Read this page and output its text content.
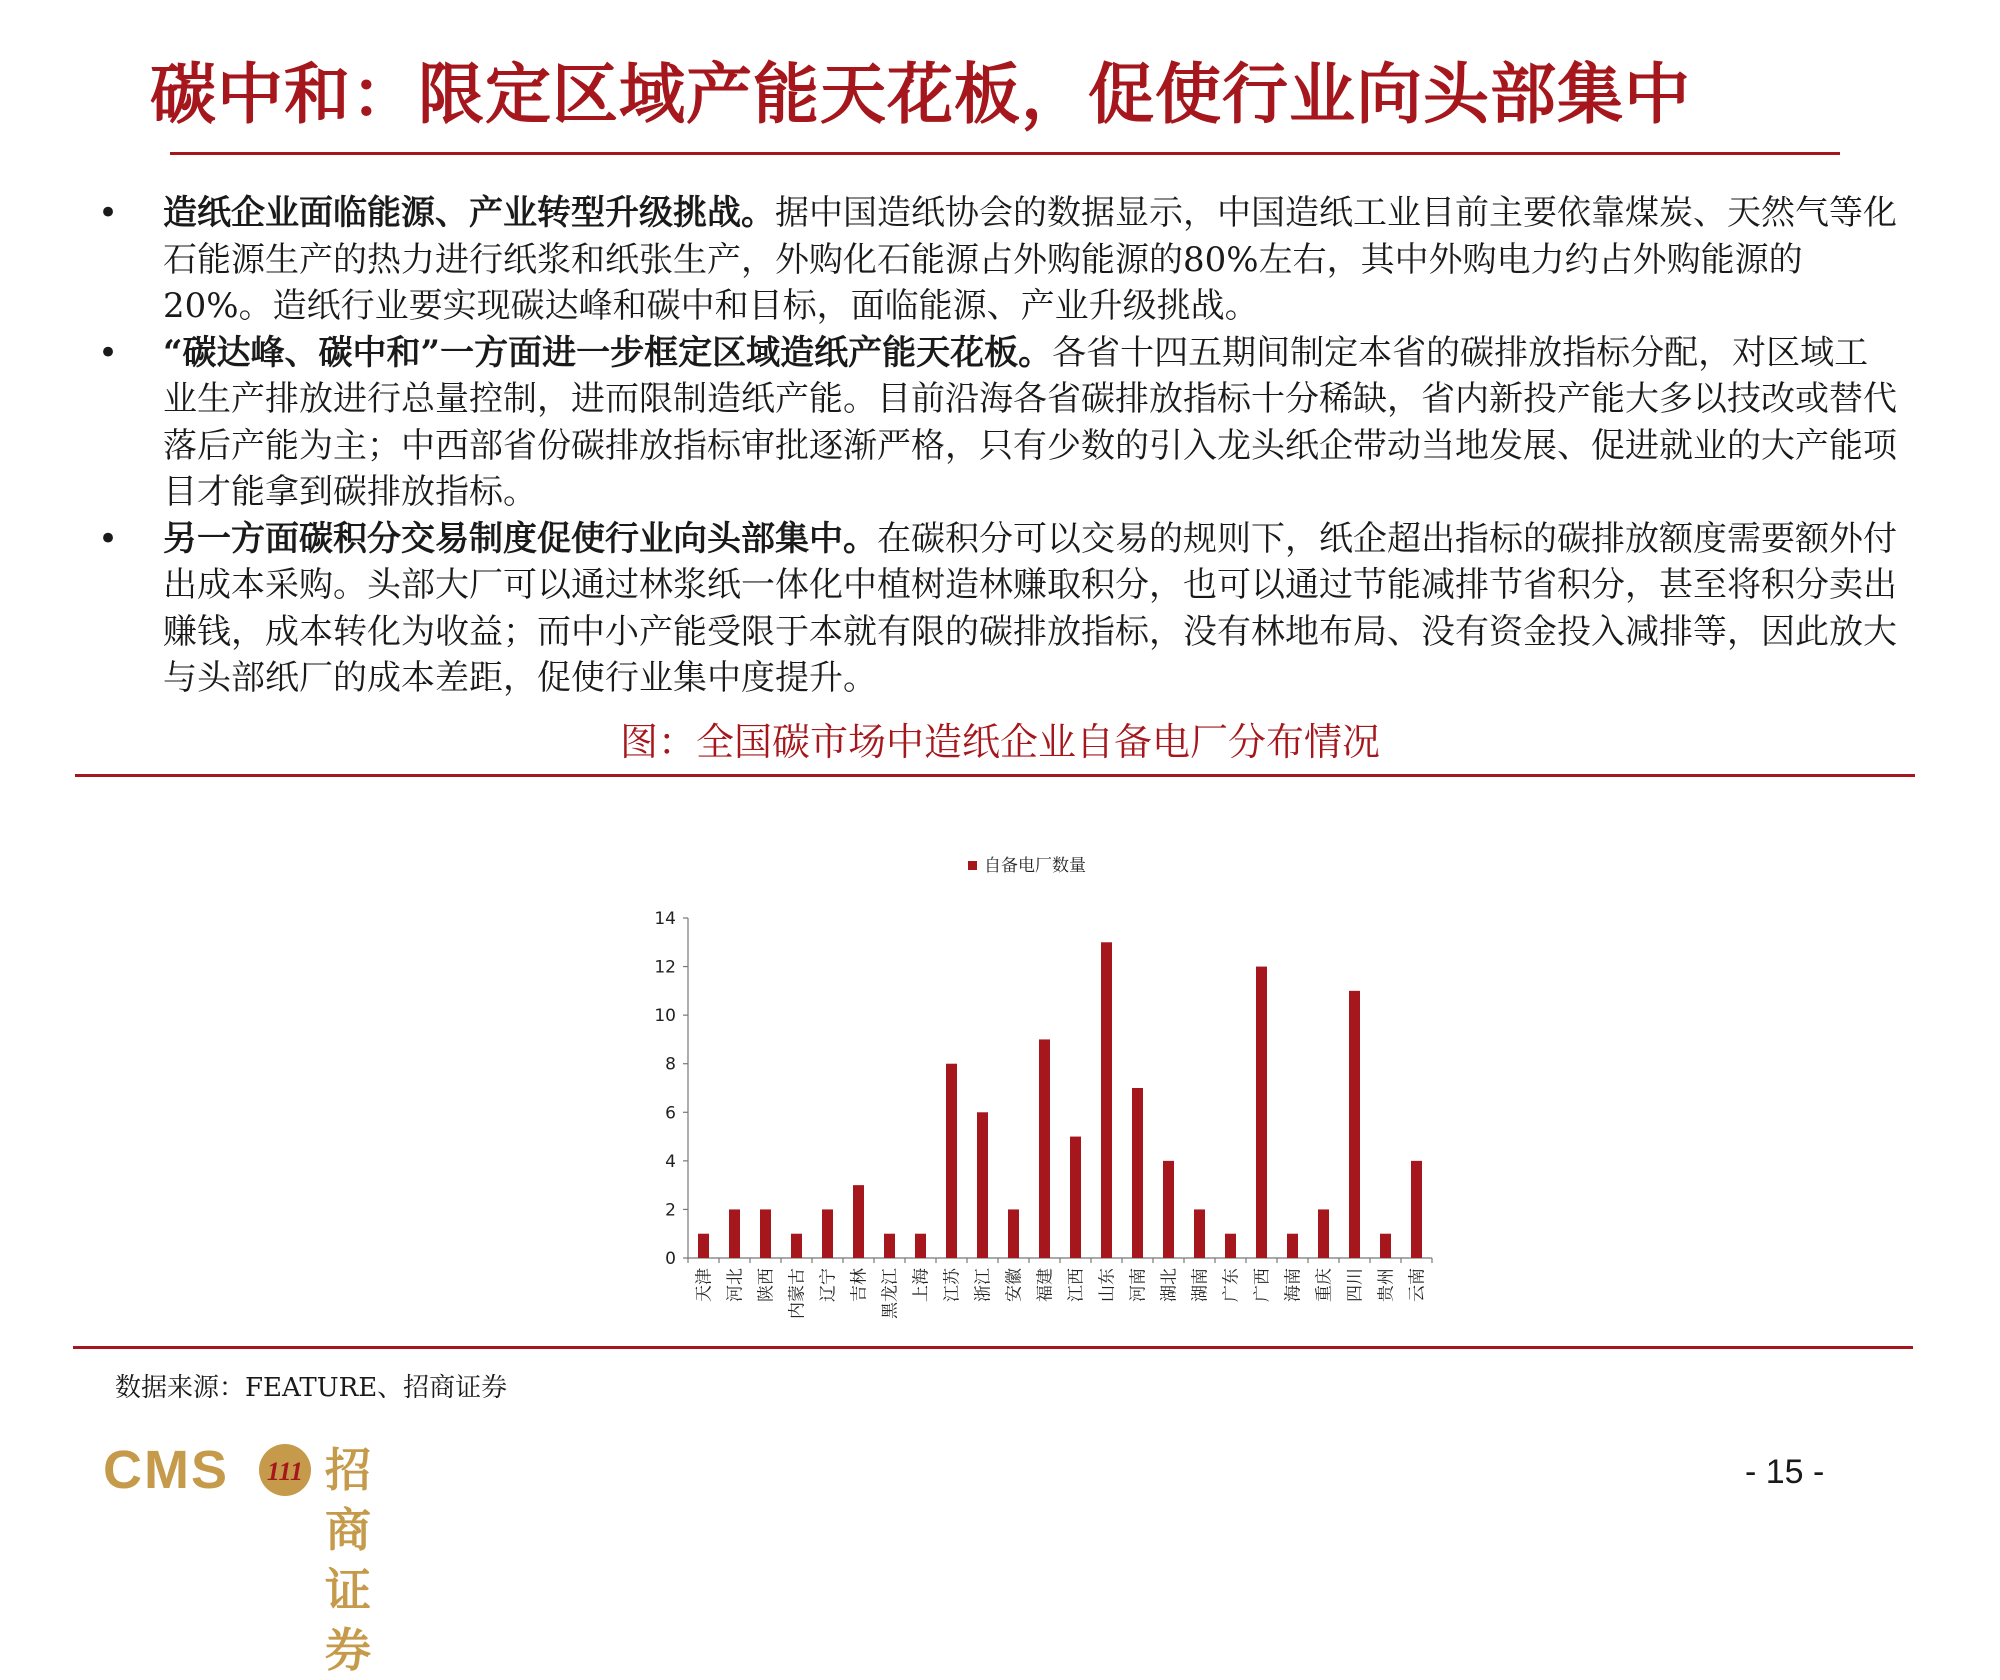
碳中和：限定区域产能天花板，促使行业向头部集中
• 造纸企业面临能源、产业转型升级挑战。据中国造纸协会的数据显示，中国造纸工业目前主要依靠煤炭、天然气等化石能源生产的热力进行纸浆和纸张生产，外购化石能源占外购能源的80%左右，其中外购电力约占外购能源的20%。造纸行业要实现碳达峰和碳中和目标，面临能源、产业升级挑战。
• “碳达峰、碳中和”一方面进一步框定区域造纸产能天花板。各省十四五期间制定本省的碳排放指标分配，对区域工业生产排放进行总量控制，进而限制造纸产能。目前沿海各省碳排放指标十分稀缺，省内新投产能大多以技改或替代落后产能为主；中西部省份碳排放指标审批逐渐严格，只有少数的引入龙头纸企带动当地发展、促进就业的大产能项目才能拿到碳排放指标。
• 另一方面碳积分交易制度促使行业向头部集中。在碳积分可以交易的规则下，纸企超出指标的碳排放额度需要额外付出成本采购。头部大厂可以通过林浆纸一体化中植树造林赚取积分，也可以通过节能减排节省积分，甚至将积分卖出赚钱，成本转化为收益；而中小产能受限于本就有限的碳排放指标，没有林地布局、没有资金投入减排等，因此放大与头部纸厂的成本差距，促使行业集中度提升。
图：全国碳市场中造纸企业自备电厂分布情况
自备电厂数量
0
2
4
6
8
10
12
14
天津 河北 陕西 内蒙古 辽宁 吉林 黑龙江 上海 江苏 浙江 安徽 福建 江西 山东 河南 湖北 湖南 广东 广西 海南 重庆 四川 贵州 云南
数据来源：FEATURE、招商证券
CMS 111 招商证券
- 15 -
